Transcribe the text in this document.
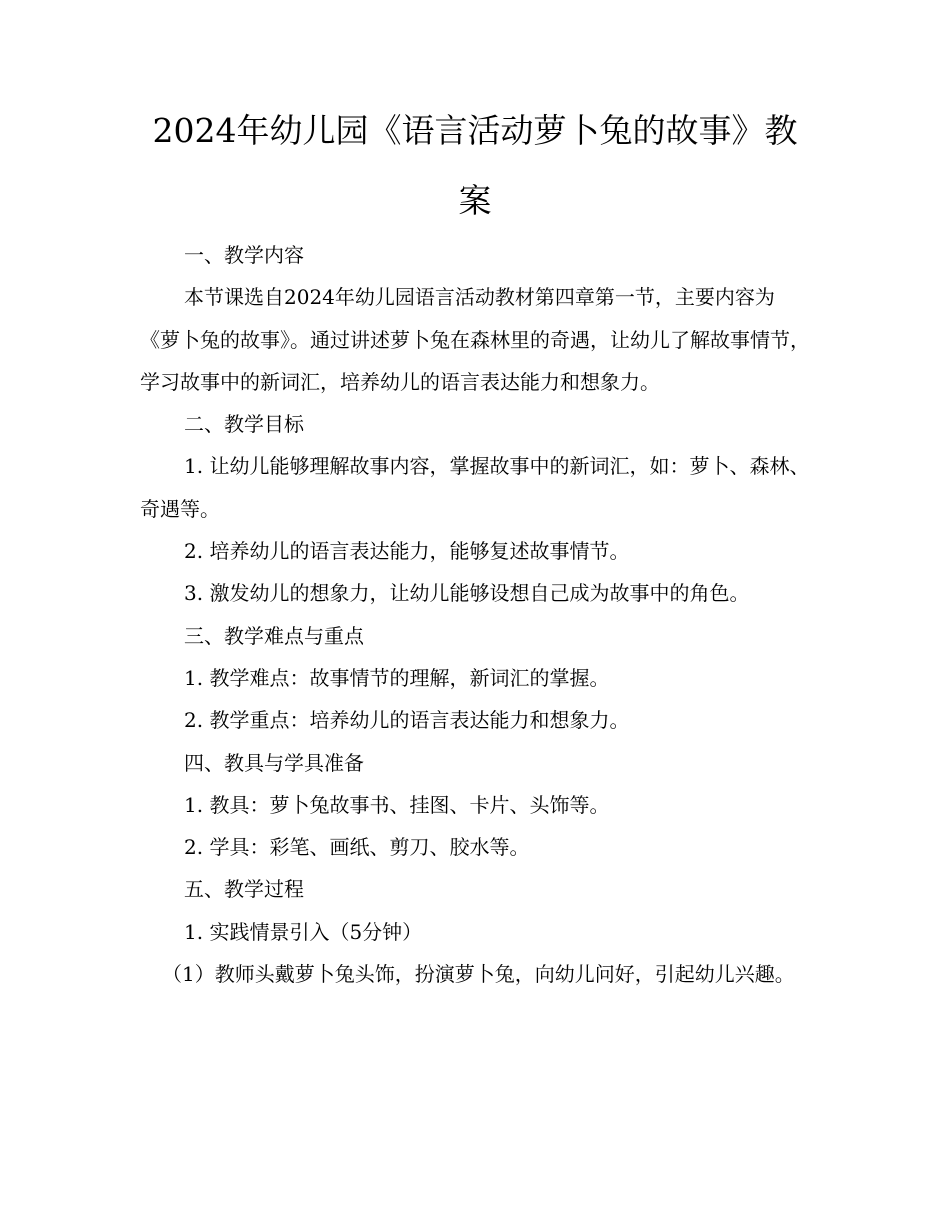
2024年幼儿园《语言活动萝卜兔的故事》教案

一、教学内容

本节课选自2024年幼儿园语言活动教材第四章第一节，主要内容为《萝卜兔的故事》。通过讲述萝卜兔在森林里的奇遇，让幼儿了解故事情节，学习故事中的新词汇，培养幼儿的语言表达能力和想象力。

二、教学目标

1. 让幼儿能够理解故事内容，掌握故事中的新词汇，如：萝卜、森林、奇遇等。

2. 培养幼儿的语言表达能力，能够复述故事情节。

3. 激发幼儿的想象力，让幼儿能够设想自己成为故事中的角色。

三、教学难点与重点

1. 教学难点：故事情节的理解，新词汇的掌握。

2. 教学重点：培养幼儿的语言表达能力和想象力。

四、教具与学具准备

1. 教具：萝卜兔故事书、挂图、卡片、头饰等。

2. 学具：彩笔、画纸、剪刀、胶水等。

五、教学过程

1. 实践情景引入（5分钟）

（1）教师头戴萝卜兔头饰，扮演萝卜兔，向幼儿问好，引起幼儿兴趣。
